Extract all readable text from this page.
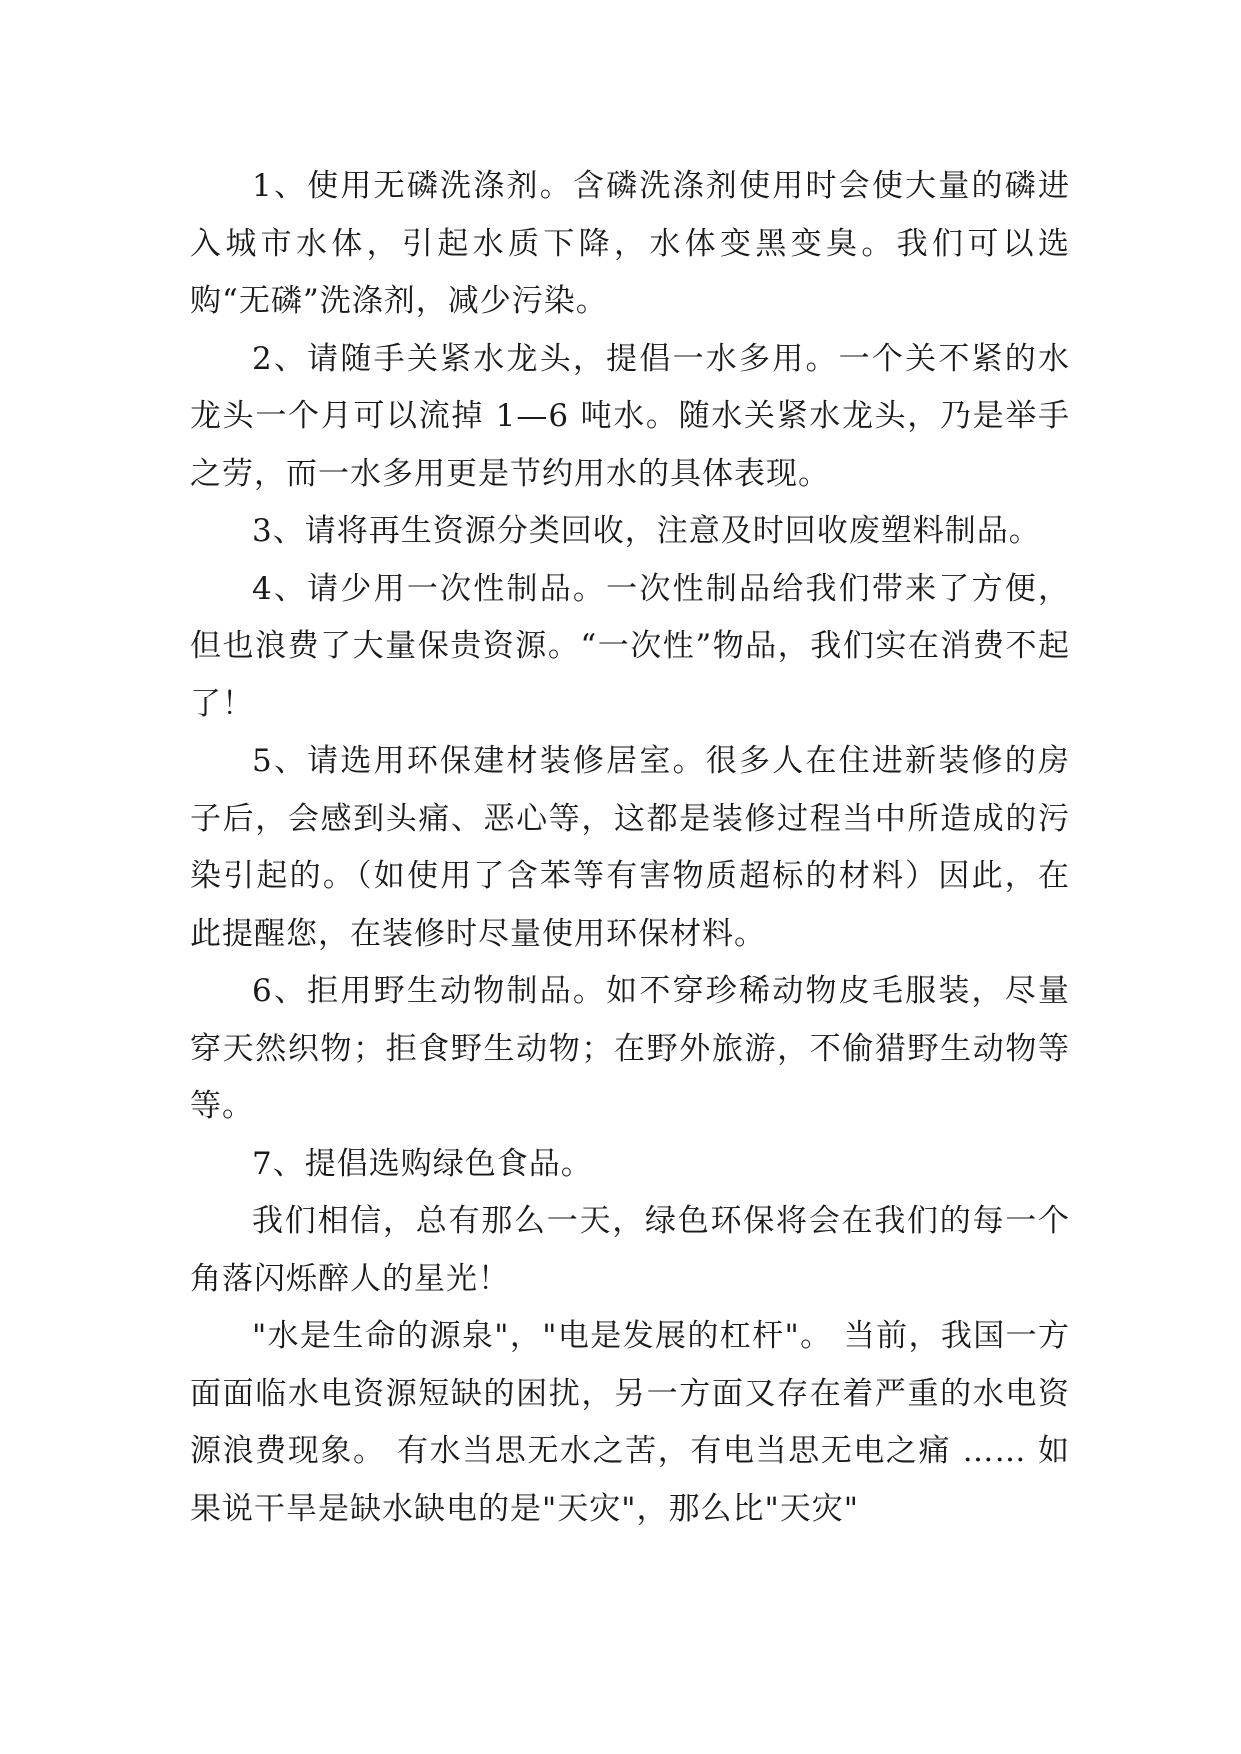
1、使用无磷洗涤剂。含磷洗涤剂使用时会使大量的磷进入城市水体，引起水质下降，水体变黑变臭。我们可以选购“无磷”洗涤剂，减少污染。

2、请随手关紧水龙头，提倡一水多用。一个关不紧的水龙头一个月可以流掉 1—6 吨水。随水关紧水龙头，乃是举手之劳，而一水多用更是节约用水的具体表现。

3、请将再生资源分类回收，注意及时回收废塑料制品。

4、请少用一次性制品。一次性制品给我们带来了方便，但也浪费了大量保贵资源。“一次性”物品，我们实在消费不起了！

5、请选用环保建材装修居室。很多人在住进新装修的房子后，会感到头痛、恶心等，这都是装修过程当中所造成的污染引起的。（如使用了含苯等有害物质超标的材料）因此，在此提醒您，在装修时尽量使用环保材料。

6、拒用野生动物制品。如不穿珍稀动物皮毛服装，尽量穿天然织物；拒食野生动物；在野外旅游，不偷猎野生动物等等。

7、提倡选购绿色食品。

我们相信，总有那么一天，绿色环保将会在我们的每一个角落闪烁醉人的星光！

"水是生命的源泉"，"电是发展的杠杆"。 当前，我国一方面面临水电资源短缺的困扰，另一方面又存在着严重的水电资源浪费现象。 有水当思无水之苦，有电当思无电之痛 …… 如果说干旱是缺水缺电的是"天灾"，那么比"天灾"
